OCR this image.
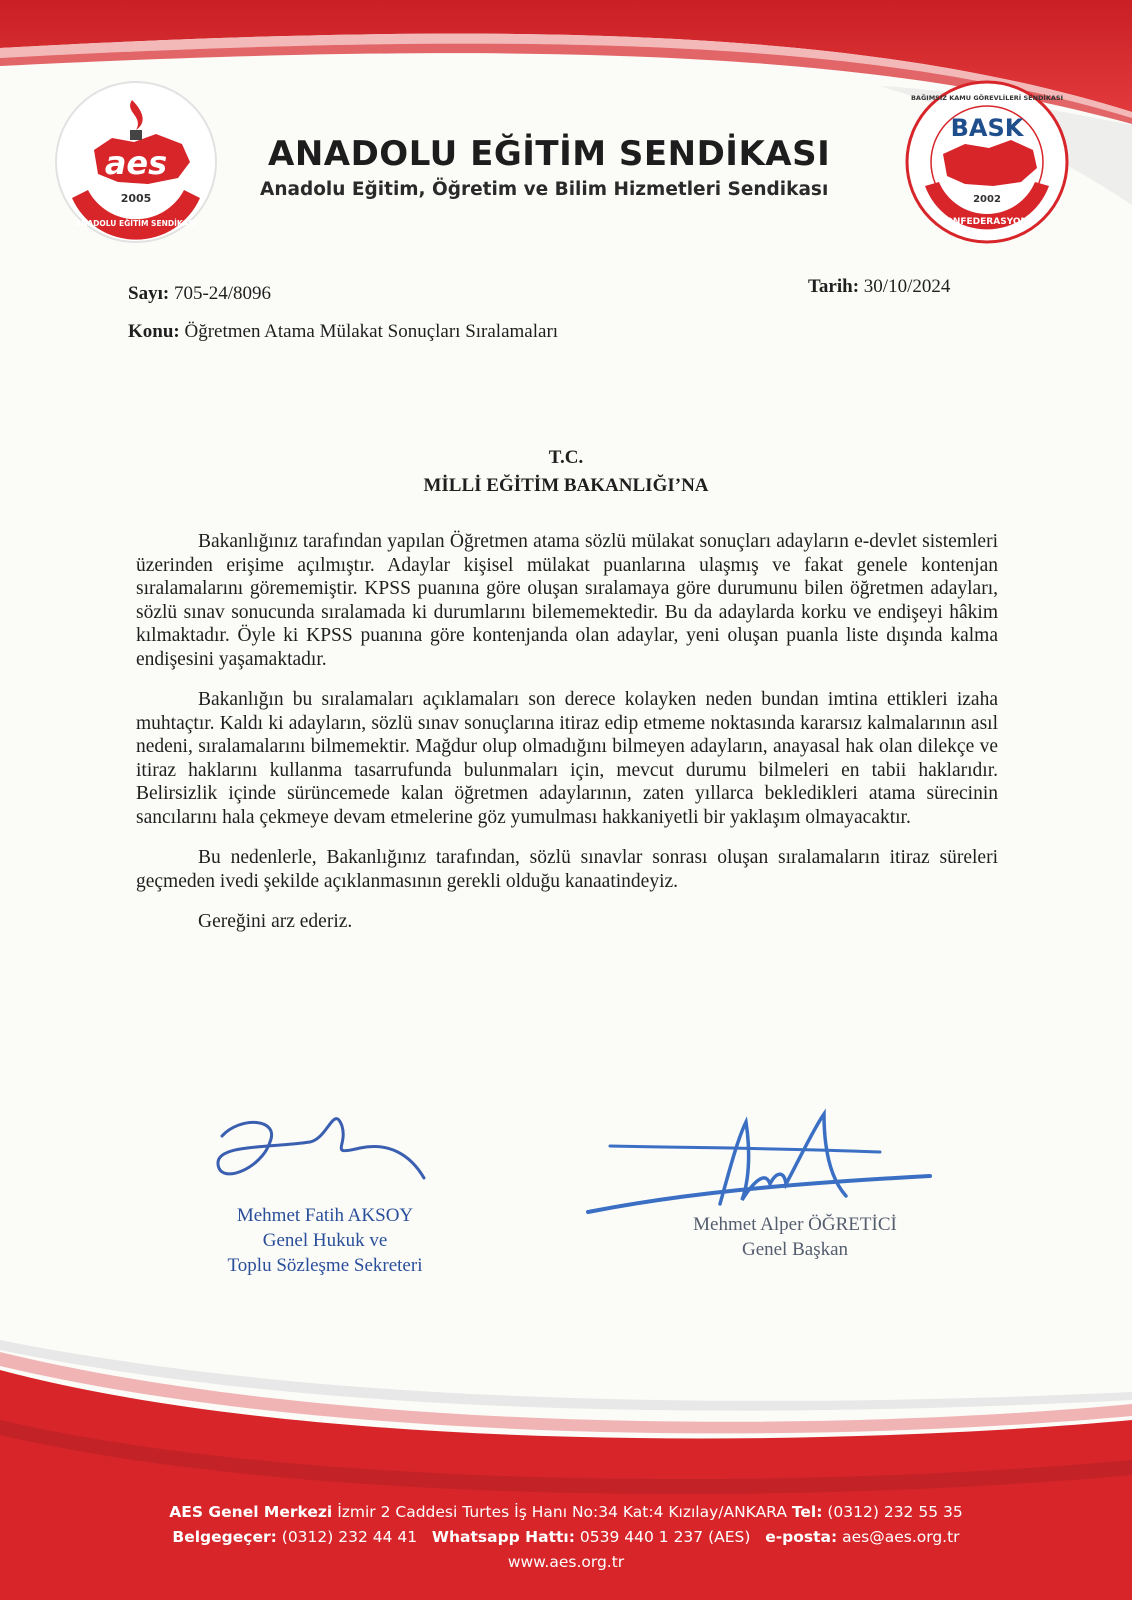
aes
2005
ANADOLU EĞİTİM SENDİKASI
BASK
2002
BAĞIMSIZ KAMU GÖREVLİLERİ SENDİKASI
KONFEDERASYONU
ANADOLU EĞİTİM SENDİKASI
Anadolu Eğitim, Öğretim ve Bilim Hizmetleri Sendikası
Sayı: 705-24/8096	Tarih: 30/10/2024
Konu: Öğretmen Atama Mülakat Sonuçları Sıralamaları
T.C.
MİLLİ EĞİTİM BAKANLIĞI’NA

Bakanlığınız tarafından yapılan Öğretmen atama sözlü mülakat sonuçları adayların e-devlet sistemleri üzerinden erişime açılmıştır. Adaylar kişisel mülakat puanlarına ulaşmış ve fakat genele kontenjan sıralamalarını görememiştir. KPSS puanına göre oluşan sıralamaya göre durumunu bilen öğretmen adayları, sözlü sınav sonucunda sıralamada ki durumlarını bilememektedir. Bu da adaylarda korku ve endişeyi hâkim kılmaktadır. Öyle ki KPSS puanına göre kontenjanda olan adaylar, yeni oluşan puanla liste dışında kalma endişesini yaşamaktadır.

Bakanlığın bu sıralamaları açıklamaları son derece kolayken neden bundan imtina ettikleri izaha muhtaçtır. Kaldı ki adayların, sözlü sınav sonuçlarına itiraz edip etmeme noktasında kararsız kalmalarının asıl nedeni, sıralamalarını bilmemektir. Mağdur olup olmadığını bilmeyen adayların, anayasal hak olan dilekçe ve itiraz haklarını kullanma tasarrufunda bulunmaları için, mevcut durumu bilmeleri en tabii haklarıdır. Belirsizlik içinde sürüncemede kalan öğretmen adaylarının, zaten yıllarca bekledikleri atama sürecinin sancılarını hala çekmeye devam etmelerine göz yumulması hakkaniyetli bir yaklaşım olmayacaktır.

Bu nedenlerle, Bakanlığınız tarafından, sözlü sınavlar sonrası oluşan sıralamaların itiraz süreleri geçmeden ivedi şekilde açıklanmasının gerekli olduğu kanaatindeyiz.

Gereğini arz ederiz.

Mehmet Fatih AKSOY
Genel Hukuk ve
Toplu Sözleşme Sekreteri
Mehmet Alper ÖĞRETİCİ
Genel Başkan
AES Genel Merkezi İzmir 2 Caddesi Turtes İş Hanı No:34 Kat:4 Kızılay/ANKARA Tel: (0312) 232 55 35
Belgegeçer: (0312) 232 44 41 Whatsapp Hattı: 0539 440 1 237 (AES) e-posta: aes@aes.org.tr
www.aes.org.tr
